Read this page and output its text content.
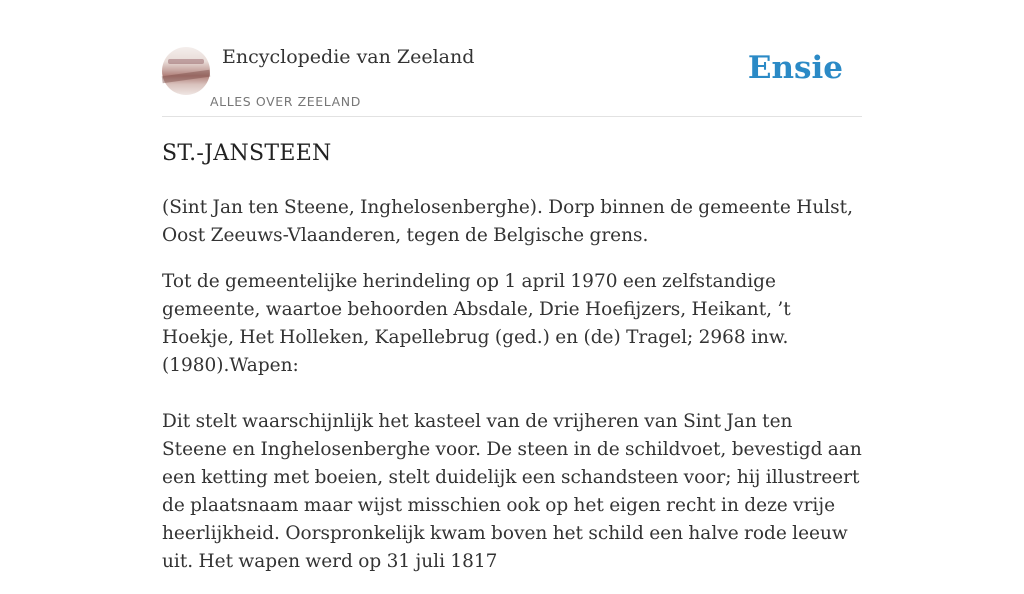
Encyclopedie van Zeeland
ALLES OVER ZEELAND
Ensie
ST.-JANSTEEN

(Sint Jan ten Steene, Inghelosenberghe). Dorp binnen de gemeente Hulst, Oost Zeeuws-Vlaanderen, tegen de Belgische grens.

Tot de gemeentelijke herindeling op 1 april 1970 een zelfstandige gemeente, waartoe behoorden Absdale, Drie Hoefijzers, Heikant, ’t Hoekje, Het Holleken, Kapellebrug (ged.) en (de) Tragel; 2968 inw. (1980).Wapen:

Dit stelt waarschijnlijk het kasteel van de vrijheren van Sint Jan ten Steene en Inghelosenberghe voor. De steen in de schildvoet, bevestigd aan een ketting met boeien, stelt duidelijk een schandsteen voor; hij illustreert de plaatsnaam maar wijst misschien ook op het eigen recht in deze vrije heerlijkheid. Oorspronkelijk kwam boven het schild een halve rode leeuw uit. Het wapen werd op 31 juli 1817
